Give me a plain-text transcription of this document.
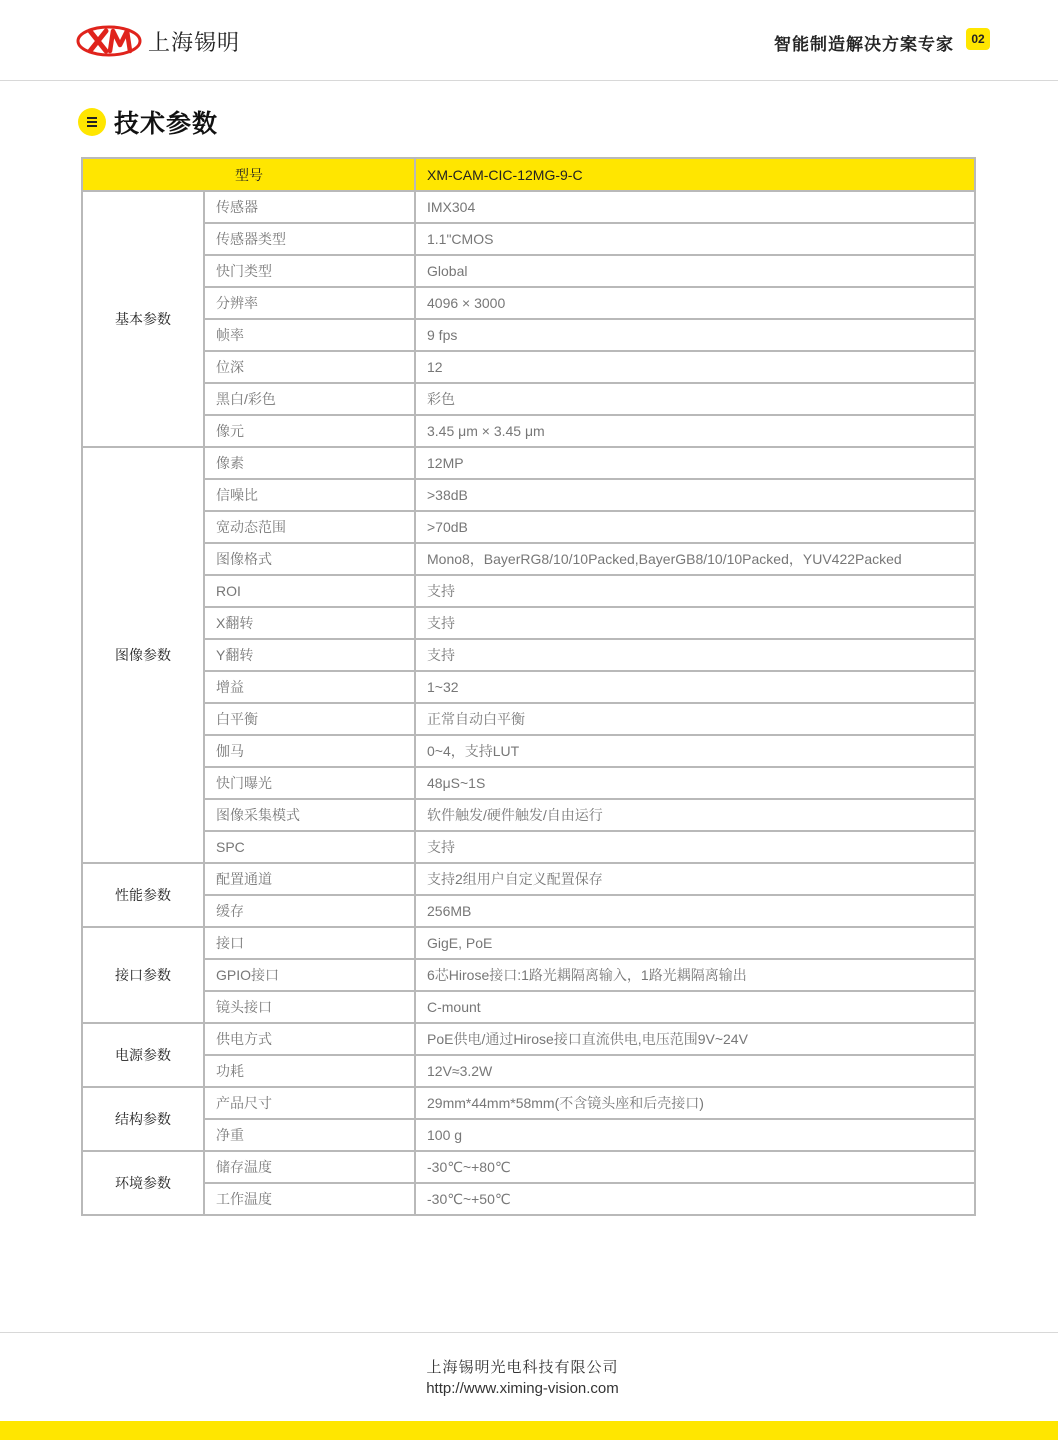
上海锡明	智能制造解决方案专家	02
技术参数
型号		XM-CAM-CIC-12MG-9-C
基本参数	传感器	IMX304
	传感器类型	1.1"CMOS
	快门类型	Global
	分辨率	4096 × 3000
	帧率	9 fps
	位深	12
	黑白/彩色	彩色
	像元	3.45 μm × 3.45 μm
图像参数	像素	12MP
	信噪比	>38dB
	宽动态范围	>70dB
	图像格式	Mono8，BayerRG8/10/10Packed,BayerGB8/10/10Packed，YUV422Packed
	ROI	支持
	X翻转	支持
	Y翻转	支持
	增益	1~32
	白平衡	正常自动白平衡
	伽马	0~4，支持LUT
	快门曝光	48μS~1S
	图像采集模式	软件触发/硬件触发/自由运行
	SPC	支持
性能参数	配置通道	支持2组用户自定义配置保存
	缓存	256MB
接口参数	接口	GigE, PoE
	GPIO接口	6芯Hirose接口:1路光耦隔离输入，1路光耦隔离输出
	镜头接口	C-mount
电源参数	供电方式	PoE供电/通过Hirose接口直流供电,电压范围9V~24V
	功耗	12V≈3.2W
结构参数	产品尺寸	29mm*44mm*58mm(不含镜头座和后壳接口)
	净重	100 g
环境参数	储存温度	-30℃~+80℃
	工作温度	-30℃~+50℃
上海锡明光电科技有限公司
http://www.ximing-vision.com
